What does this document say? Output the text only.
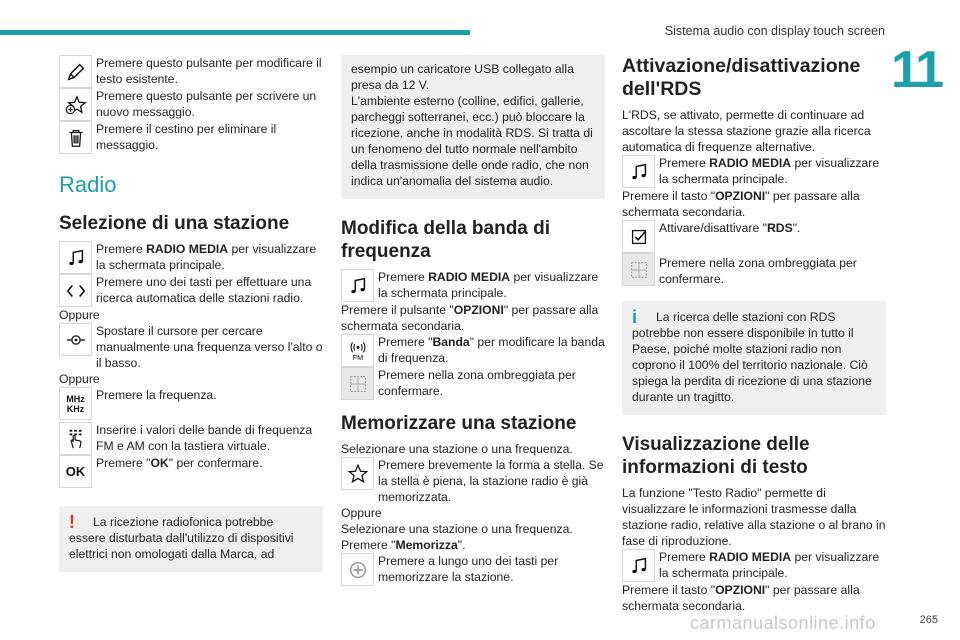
Sistema audio con display touch screen
11

Premere questo pulsante per modificare il testo esistente.

Premere questo pulsante per scrivere un nuovo messaggio.

Premere il cestino per eliminare il messaggio.

Radio
Selezione di una stazione

Premere RADIO MEDIA per visualizzare la schermata principale.

Premere uno dei tasti per effettuare una ricerca automatica delle stazioni radio.

Oppure

Spostare il cursore per cercare manualmente una frequenza verso l'alto o il basso.

Oppure

MHz
KHz

Premere la frequenza.

Inserire i valori delle bande di frequenza FM e AM con la tastiera virtuale.

OK

Premere "OK" per confermare.

! La ricezione radiofonica potrebbe essere disturbata dall'utilizzo di dispositivi elettrici non omologati dalla Marca, ad

esempio un caricatore USB collegato alla presa da 12 V.
L'ambiente esterno (colline, edifici, gallerie, parcheggi sotterranei, ecc.) può bloccare la ricezione, anche in modalità RDS. Si tratta di un fenomeno del tutto normale nell'ambito della trasmissione delle onde radio, che non indica un'anomalia del sistema audio.

Modifica della banda di frequenza

Premere RADIO MEDIA per visualizzare la schermata principale.

Premere il pulsante "OPZIONI" per passare alla schermata secondaria.

FM

Premere "Banda" per modificare la banda di frequenza.

Premere nella zona ombreggiata per confermare.

Memorizzare una stazione

Selezionare una stazione o una frequenza.

Premere brevemente la forma a stella. Se la stella è piena, la stazione radio è già memorizzata.

Oppure

Selezionare una stazione o una frequenza.

Premere "Memorizza".

Premere a lungo uno dei tasti per memorizzare la stazione.

Attivazione/disattivazione dell'RDS

L'RDS, se attivato, permette di continuare ad ascoltare la stessa stazione grazie alla ricerca automatica di frequenze alternative.

Premere RADIO MEDIA per visualizzare la schermata principale.

Premere il tasto "OPZIONI" per passare alla schermata secondaria.

Attivare/disattivare "RDS".

Premere nella zona ombreggiata per confermare.

i La ricerca delle stazioni con RDS potrebbe non essere disponibile in tutto il Paese, poiché molte stazioni radio non coprono il 100% del territorio nazionale. Ciò spiega la perdita di ricezione di una stazione durante un tragitto.

Visualizzazione delle informazioni di testo

La funzione "Testo Radio" permette di visualizzare le informazioni trasmesse dalla stazione radio, relative alla stazione o al brano in fase di riproduzione.

Premere RADIO MEDIA per visualizzare la schermata principale.

Premere il tasto "OPZIONI" per passare alla schermata secondaria.

carmanualsonline.info	265
